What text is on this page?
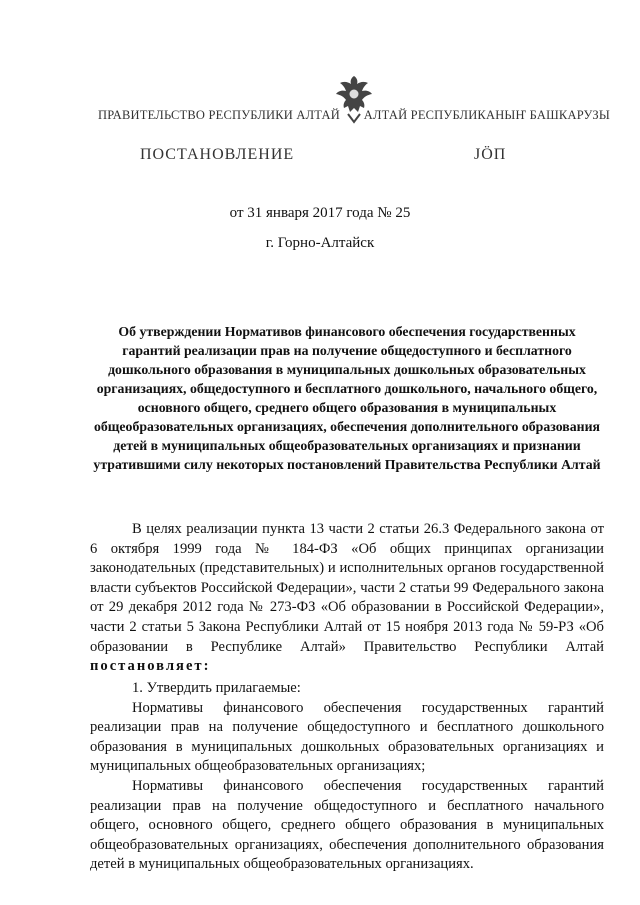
ПРАВИТЕЛЬСТВО РЕСПУБЛИКИ АЛТАЙ АЛТАЙ РЕСПУБЛИКАНЫҤ БАШКАРУЗЫ
ПОСТАНОВЛЕНИЕ	JÖП
от 31 января 2017 года № 25
г. Горно-Алтайск
Об утверждении Нормативов финансового обеспечения государственных гарантий реализации прав на получение общедоступного и бесплатного дошкольного образования в муниципальных дошкольных образовательных организациях, общедоступного и бесплатного дошкольного, начального общего, основного общего, среднего общего образования в муниципальных общеобразовательных организациях, обеспечения дополнительного образования детей в муниципальных общеобразовательных организациях и признании утратившими силу некоторых постановлений Правительства Республики Алтай

В целях реализации пункта 13 части 2 статьи 26.3 Федерального закона от 6 октября 1999 года № 184-ФЗ «Об общих принципах организации законодательных (представительных) и исполнительных органов государственной власти субъектов Российской Федерации», части 2 статьи 99 Федерального закона от 29 декабря 2012 года № 273-ФЗ «Об образовании в Российской Федерации», части 2 статьи 5 Закона Республики Алтай от 15 ноября 2013 года № 59-РЗ «Об образовании в Республике Алтай» Правительство Республики Алтай постановляет:

1. Утвердить прилагаемые:

Нормативы финансового обеспечения государственных гарантий реализации прав на получение общедоступного и бесплатного дошкольного образования в муниципальных дошкольных образовательных организациях и муниципальных общеобразовательных организациях;

Нормативы финансового обеспечения государственных гарантий реализации прав на получение общедоступного и бесплатного начального общего, основного общего, среднего общего образования в муниципальных общеобразовательных организациях, обеспечения дополнительного образования детей в муниципальных общеобразовательных организациях.
